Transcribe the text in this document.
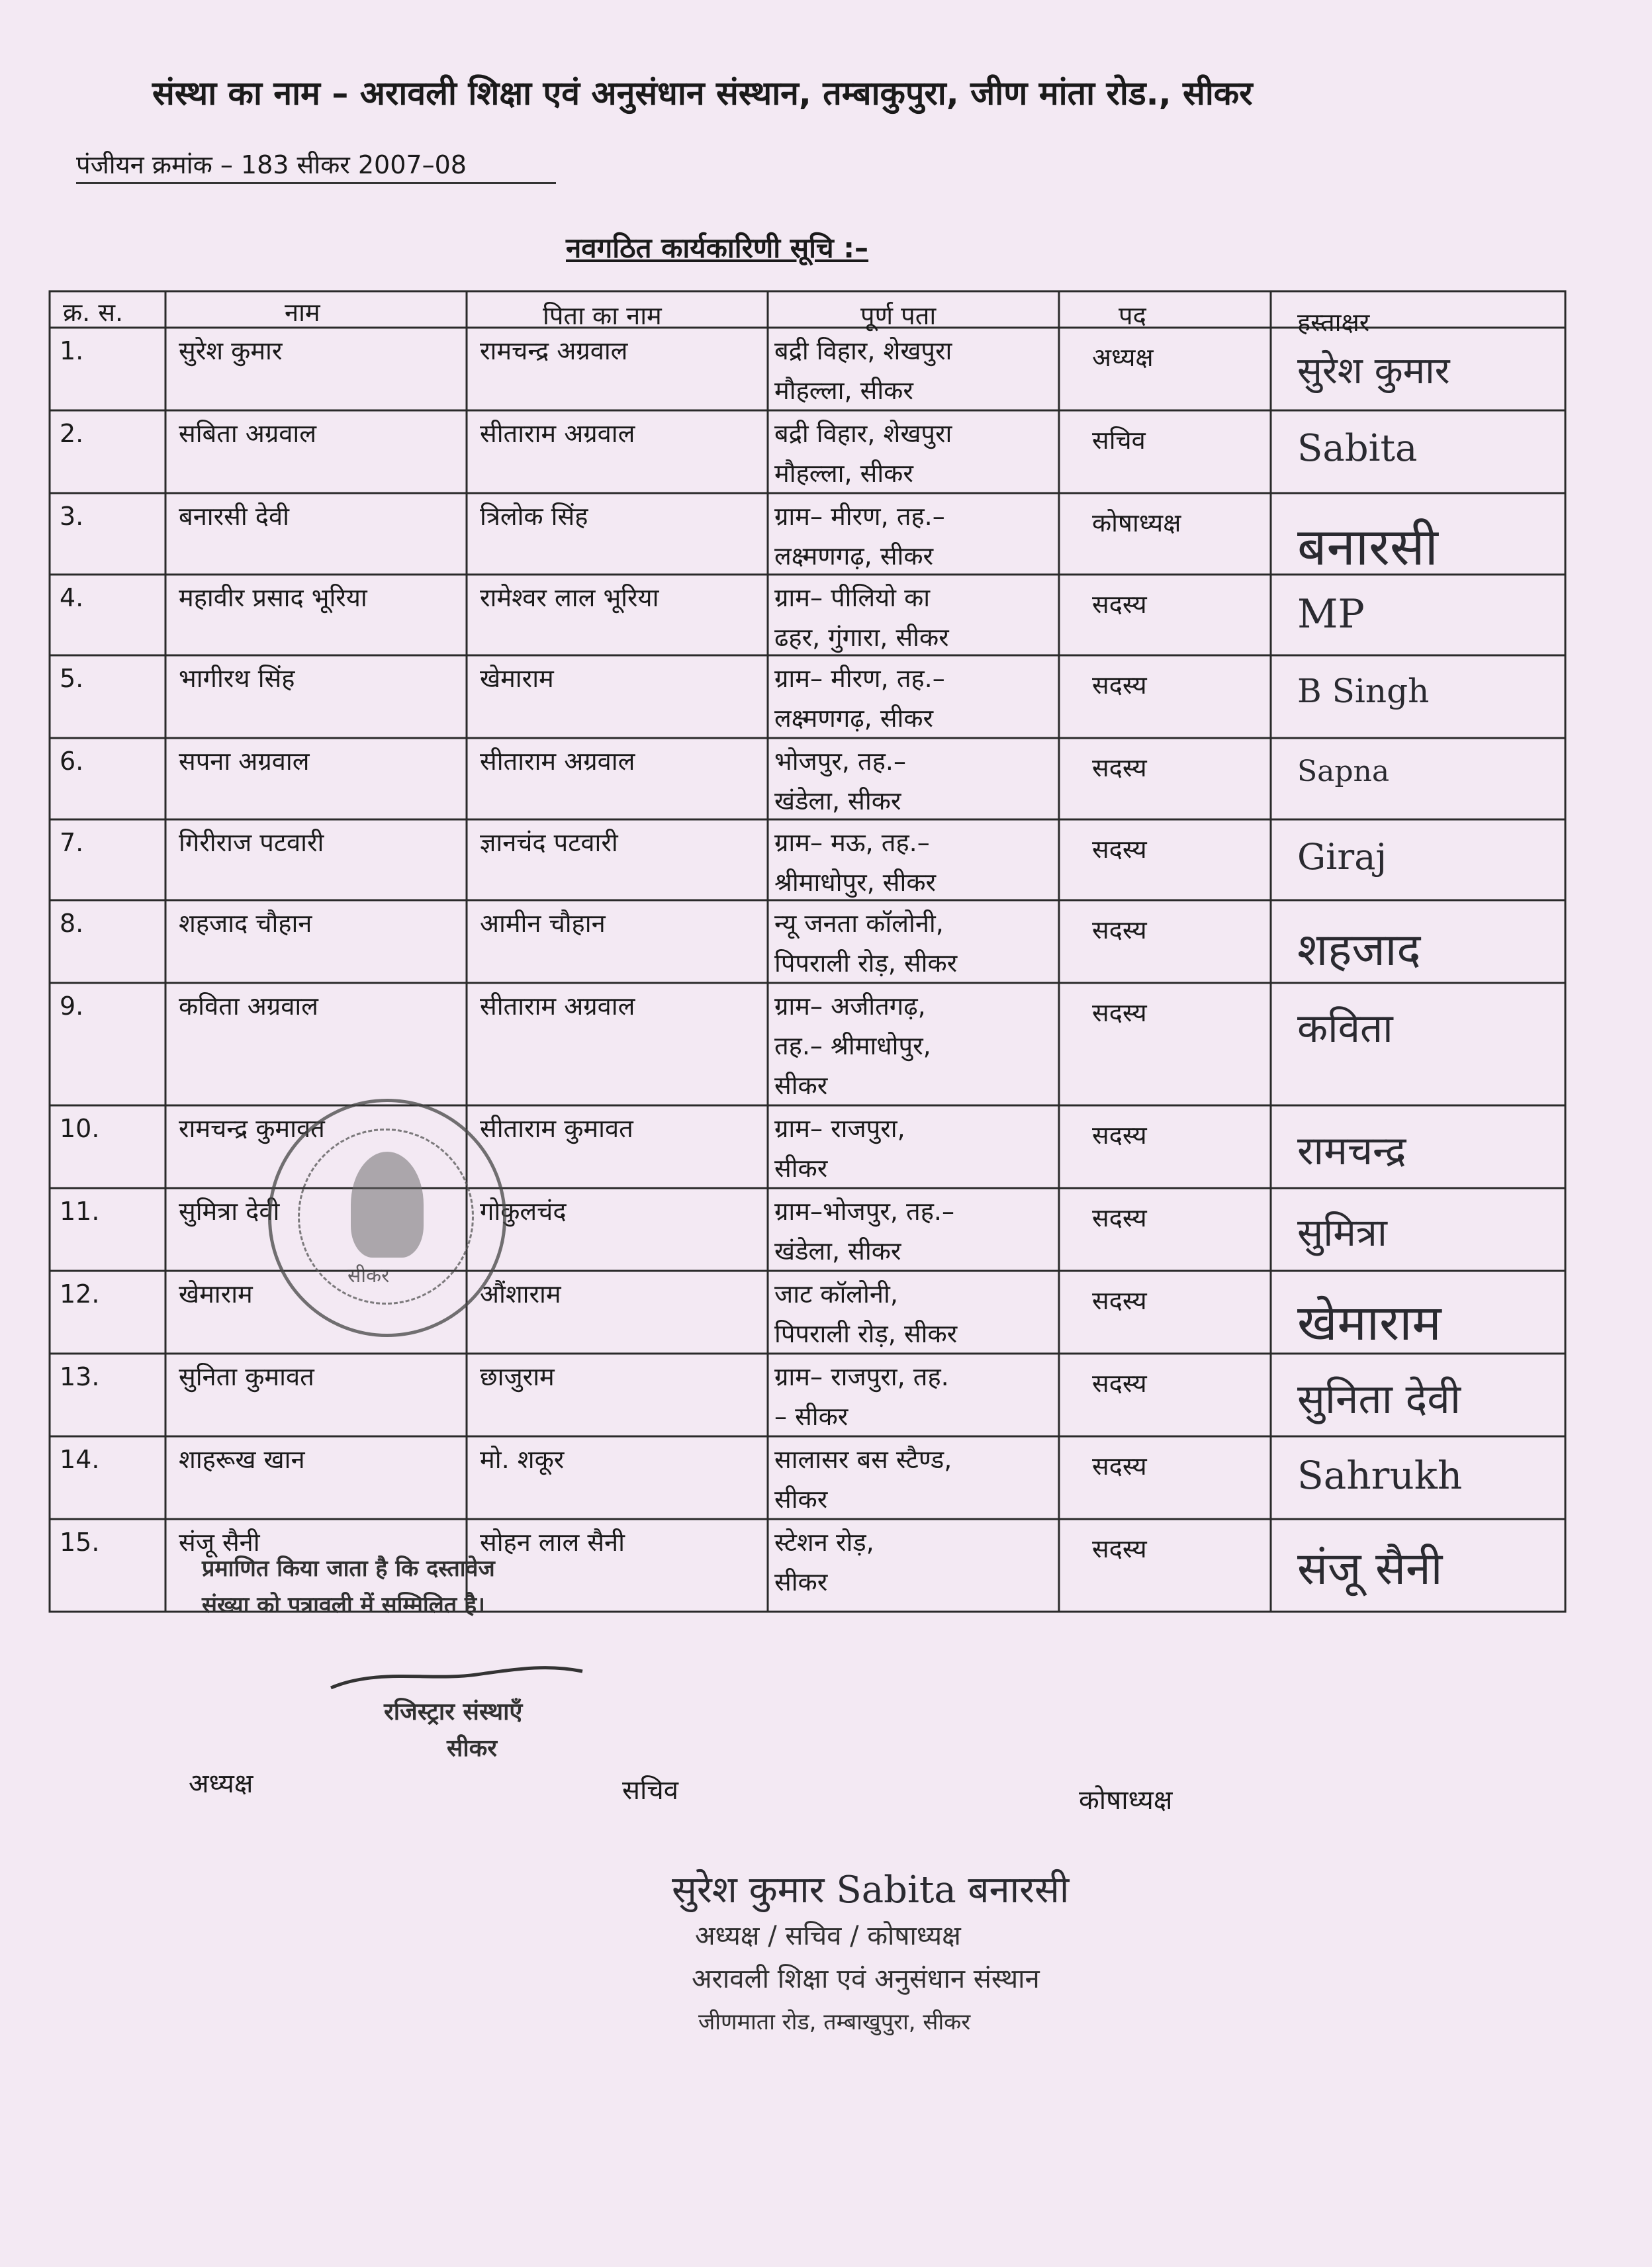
संस्था का नाम – अरावली शिक्षा एवं अनुसंधान संस्थान, तम्बाकुपुरा, जीण मांता रोड., सीकर
पंजीयन क्रमांक – 183 सीकर 2007–08
नवगठित कार्यकारिणी सूचि :–
क्र. स.	नाम	पिता का नाम	पूर्ण पता	पद	हस्ताक्षर
1.	सुरेश कुमार	रामचन्द्र अग्रवाल	बद्री विहार, शेखपुरा
मौहल्ला, सीकर
अध्यक्ष	सुरेश कुमार
2.	सबिता अग्रवाल	सीताराम अग्रवाल	बद्री विहार, शेखपुरा
मौहल्ला, सीकर
सचिव	Sabita
3.	बनारसी देवी	त्रिलोक सिंह	ग्राम– मीरण, तह.–
लक्ष्मणगढ़, सीकर
कोषाध्यक्ष बनारसी
4.	महावीर प्रसाद भूरिया	रामेश्वर लाल भूरिया	ग्राम– पीलियो का
ढहर, गुंगारा, सीकर
सदस्य	MP
5.	भागीरथ सिंह	खेमाराम	ग्राम– मीरण, तह.–
लक्ष्मणगढ़, सीकर
सदस्य	B Singh
6.	सपना अग्रवाल	सीताराम अग्रवाल	भोजपुर, तह.–
खंडेला, सीकर
सदस्य	Sapna
7.	गिरीराज पटवारी	ज्ञानचंद पटवारी	ग्राम– मऊ, तह.–
श्रीमाधोपुर, सीकर
सदस्य	Giraj
8.	शहजाद चौहान	आमीन चौहान	न्यू जनता कॉलोनी,
पिपराली रोड़, सीकर
सदस्य	शहजाद
9.	कविता अग्रवाल	सीताराम अग्रवाल	ग्राम– अजीतगढ़,
तह.– श्रीमाधोपुर,
सीकर
सदस्य	कविता
10.	रामचन्द्र कुमावत	सीताराम कुमावत	ग्राम– राजपुरा,
सीकर
सदस्य	रामचन्द्र
11.	सुमित्रा देवी	गोकुलचंद	ग्राम–भोजपुर, तह.–
खंडेला, सीकर
सदस्य	सुमित्रा
12.	खेमाराम	औंशाराम	जाट कॉलोनी,
पिपराली रोड़, सीकर
सदस्य	खेमाराम
13.	सुनिता कुमावत	छाजुराम	ग्राम– राजपुरा, तह.
– सीकर
सदस्य	सुनिता देवी
14.	शाहरूख खान	मो. शकूर	सालासर बस स्टैण्ड,
सीकर
सदस्य	Sahrukh
15.	संजू सैनी	सोहन लाल सैनी	स्टेशन रोड़,
सीकर
सदस्य	संजू सैनी
सीकर
प्रमाणित किया जाता है कि दस्तावेज
संख्या को पत्रावली में सम्मिलित है।
रजिस्ट्रार संस्थाएँ
सीकर
अध्यक्ष	सचिव	कोषाध्यक्ष
सुरेश कुमार Sabita बनारसी
अध्यक्ष / सचिव / कोषाध्यक्ष
अरावली शिक्षा एवं अनुसंधान संस्थान
जीणमाता रोड, तम्बाखुपुरा, सीकर
